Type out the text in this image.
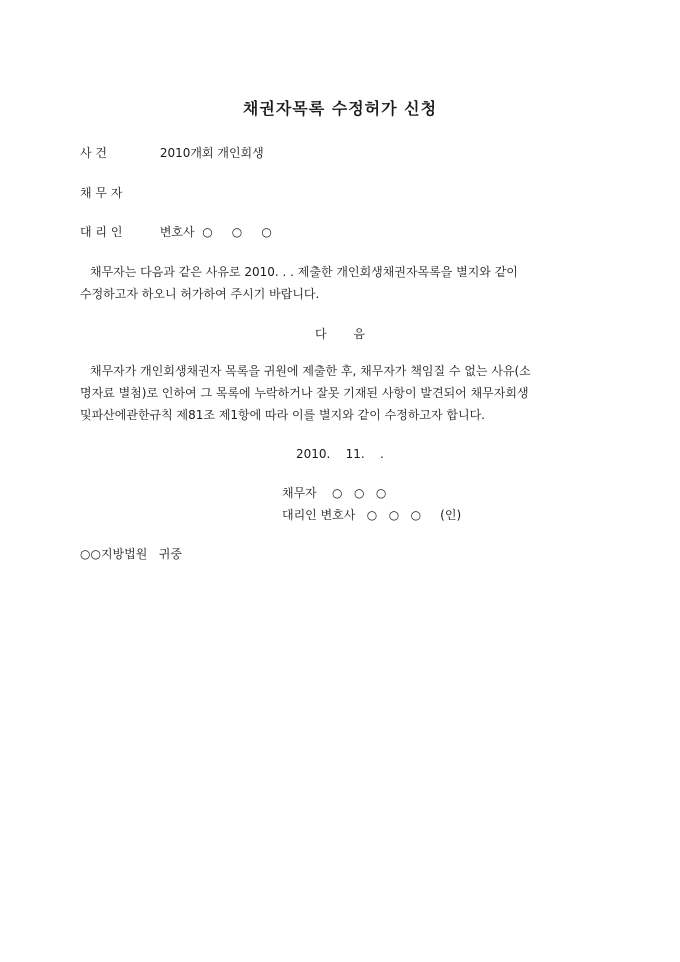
채권자목록 수정허가 신청
사 건	2010개회 개인회생
채 무 자
대 리 인	변호사  ○     ○     ○
채무자는 다음과 같은 사유로 2010. . . 제출한 개인회생채권자목록을 별지와 같이
수정하고자 하오니 허가하여 주시기 바랍니다.
다       음
채무자가 개인회생채권자 목록을 귀원에 제출한 후, 채무자가 책임질 수 없는 사유(소
명자료 별첨)로 인하여 그 목록에 누락하거나 잘못 기재된 사항이 발견되어 채무자회생
및파산에관한규칙 제81조 제1항에 따라 이를 별지와 같이 수정하고자 합니다.
2010.    11.    .
채무자    ○   ○   ○
대리인 변호사   ○   ○   ○     (인)
○○지방법원   귀중
